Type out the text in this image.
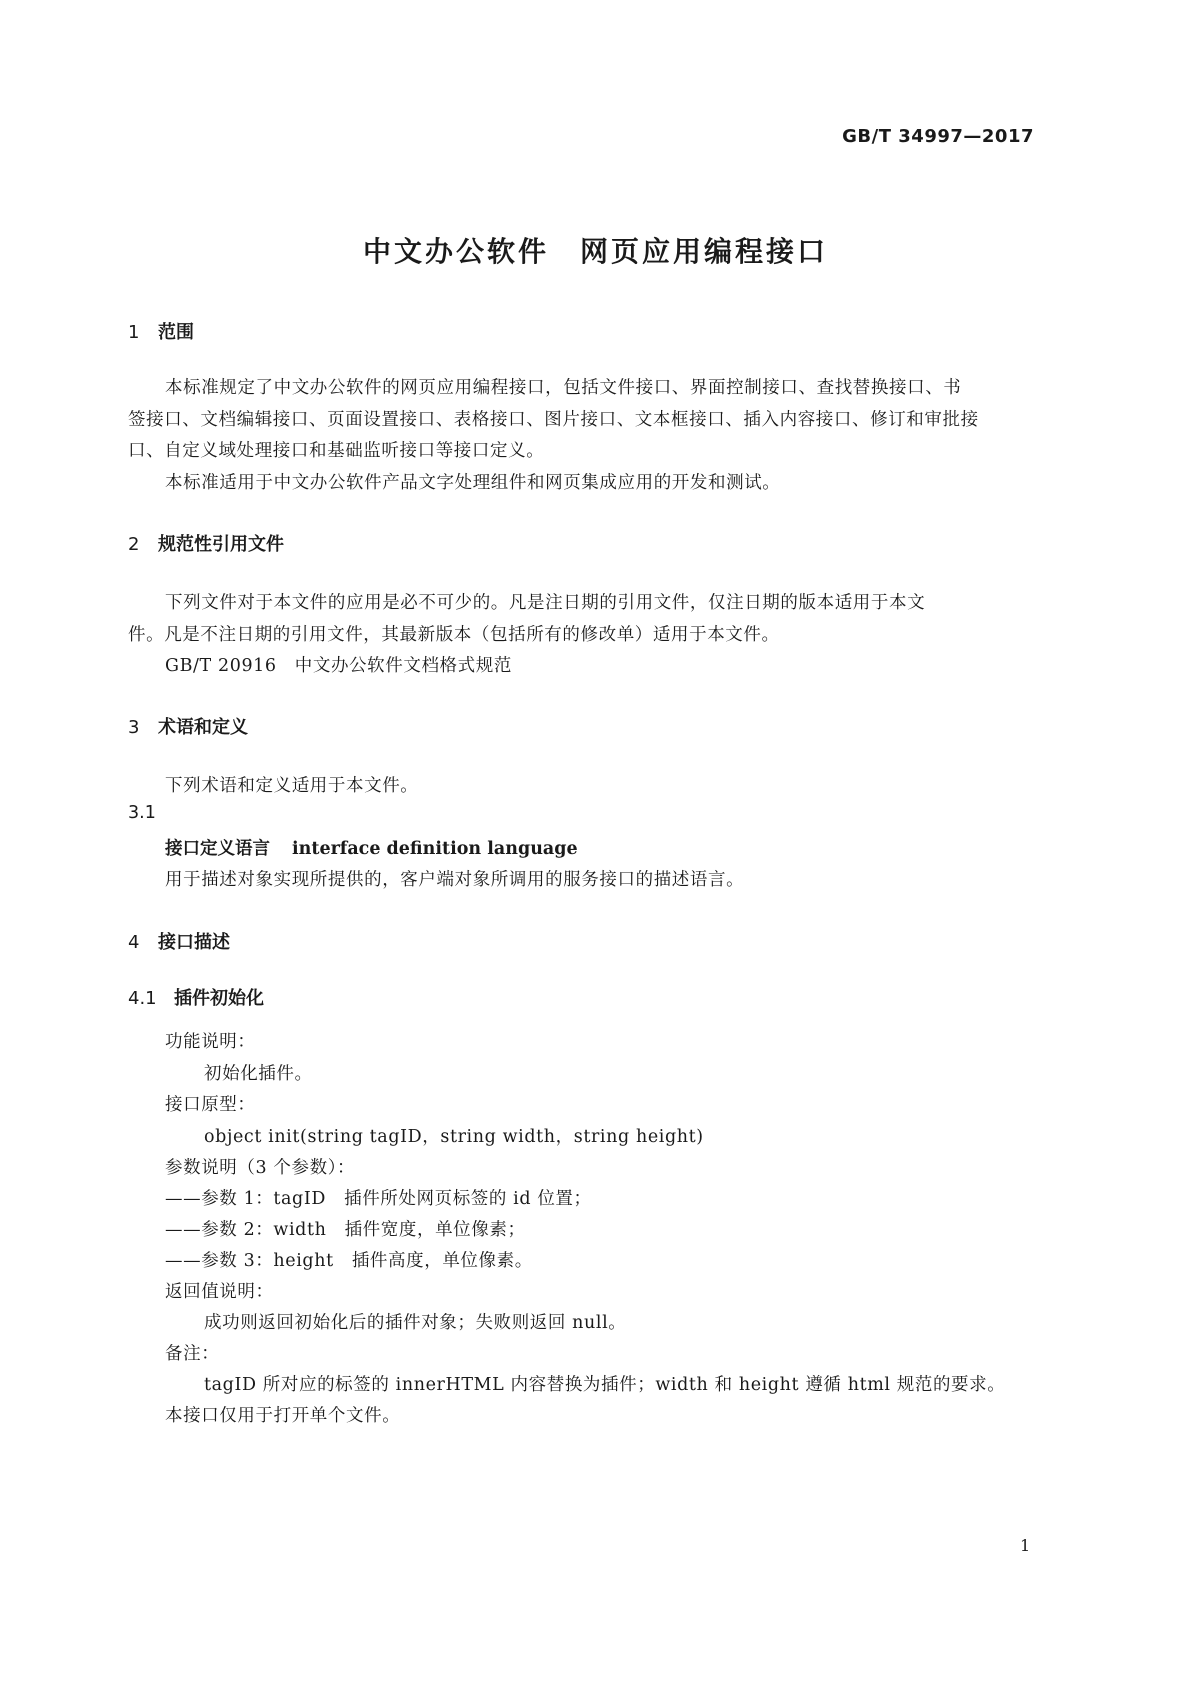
GB/T 34997—2017
中文办公软件　网页应用编程接口
1 范围
本标准规定了中文办公软件的网页应用编程接口，包括文件接口、界面控制接口、查找替换接口、书
签接口、文档编辑接口、页面设置接口、表格接口、图片接口、文本框接口、插入内容接口、修订和审批接
口、自定义域处理接口和基础监听接口等接口定义。
本标准适用于中文办公软件产品文字处理组件和网页集成应用的开发和测试。
2 规范性引用文件
下列文件对于本文件的应用是必不可少的。凡是注日期的引用文件，仅注日期的版本适用于本文
件。凡是不注日期的引用文件，其最新版本（包括所有的修改单）适用于本文件。
GB/T 20916　中文办公软件文档格式规范
3 术语和定义
下列术语和定义适用于本文件。
3.1
接口定义语言 interface definition language
用于描述对象实现所提供的，客户端对象所调用的服务接口的描述语言。
4 接口描述
4.1 插件初始化
功能说明：
初始化插件。
接口原型：
object init(string tagID，string width，string height)
参数说明（3 个参数）：
——参数 1：tagID　插件所处网页标签的 id 位置；
——参数 2：width　插件宽度，单位像素；
——参数 3：height　插件高度，单位像素。
返回值说明：
成功则返回初始化后的插件对象；失败则返回 null。
备注：
tagID 所对应的标签的 innerHTML 内容替换为插件；width 和 height 遵循 html 规范的要求。
本接口仅用于打开单个文件。
1
